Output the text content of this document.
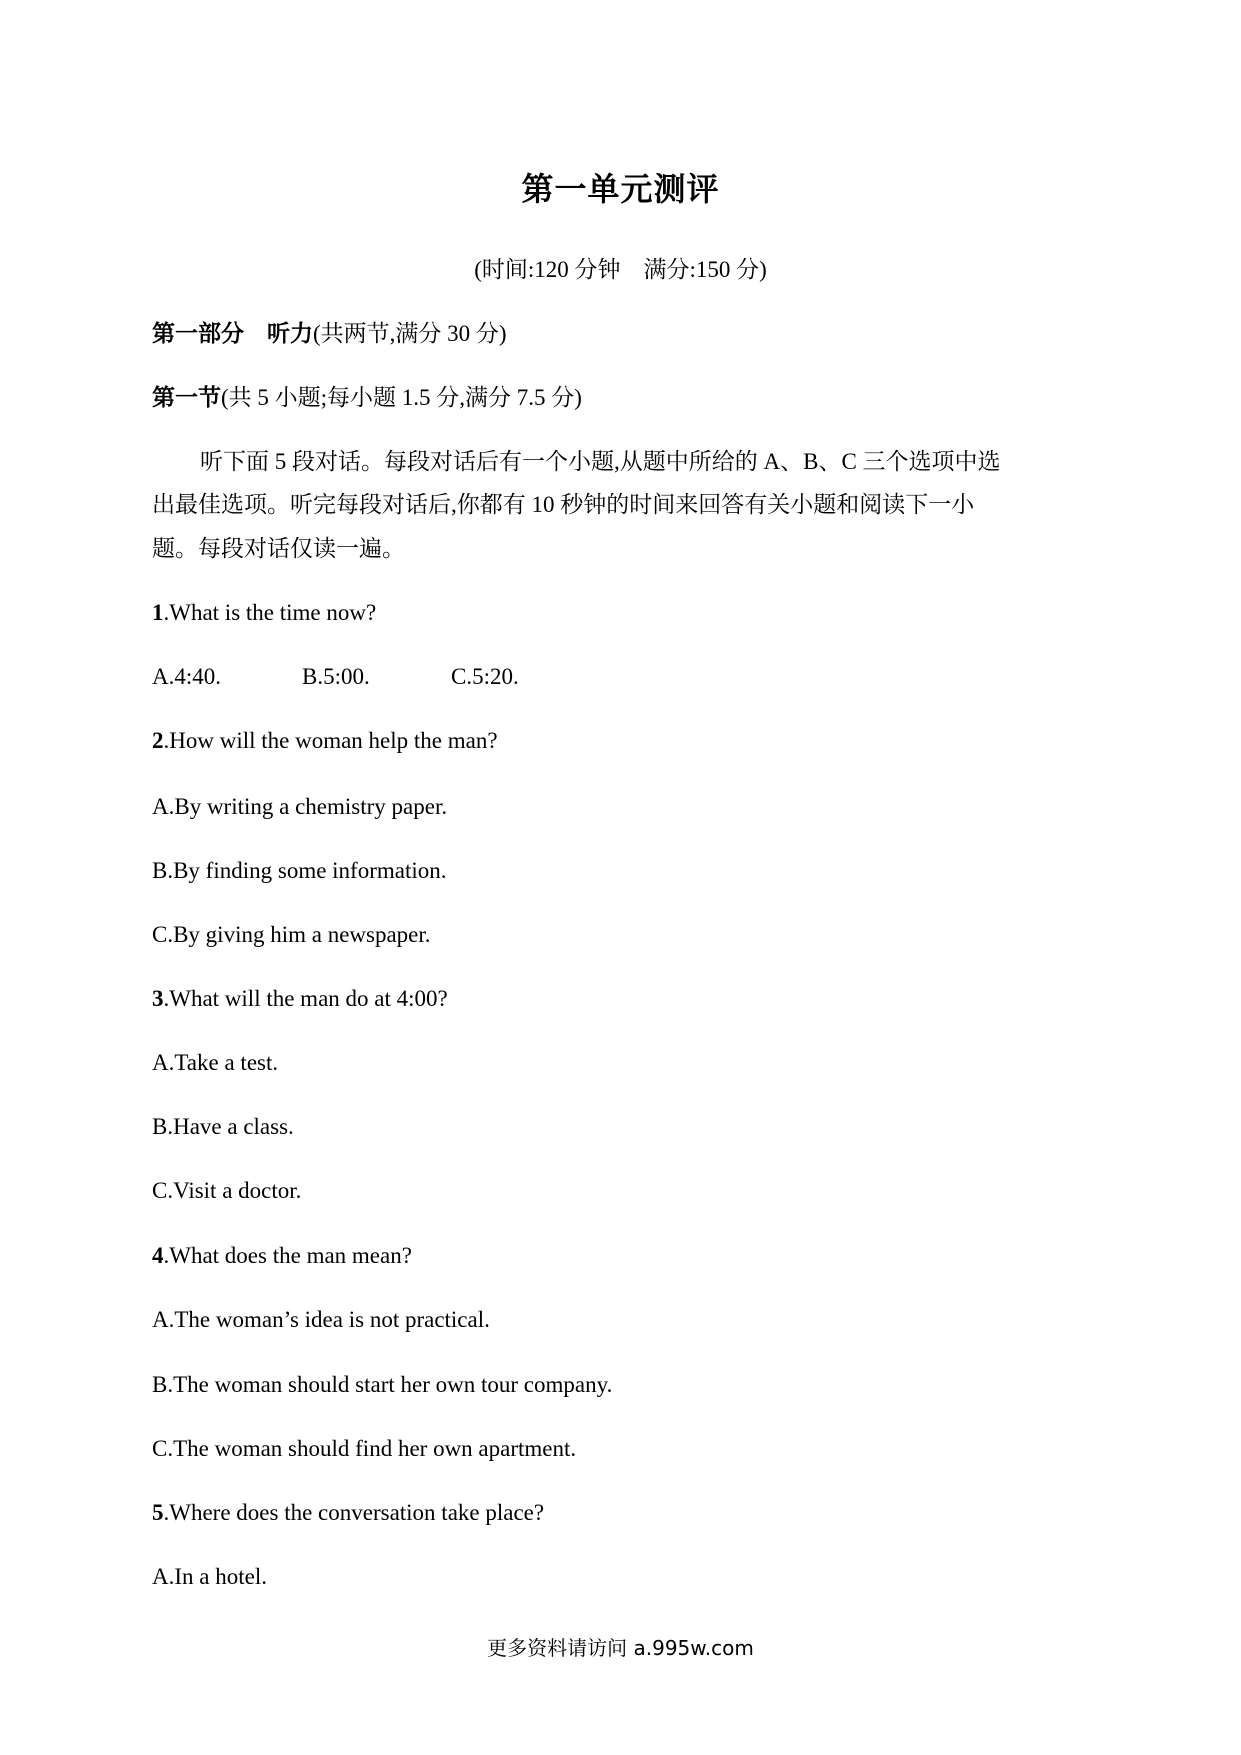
第一单元测评
(时间:120 分钟　满分:150 分)
第一部分　听力(共两节,满分 30 分)
第一节(共 5 小题;每小题 1.5 分,满分 7.5 分)
听下面 5 段对话。每段对话后有一个小题,从题中所给的 A、B、C 三个选项中选
出最佳选项。听完每段对话后,你都有 10 秒钟的时间来回答有关小题和阅读下一小
题。每段对话仅读一遍。
1.What is the time now?
A.4:40.	B.5:00.	C.5:20.
2.How will the woman help the man?
A.By writing a chemistry paper.
B.By finding some information.
C.By giving him a newspaper.
3.What will the man do at 4:00?
A.Take a test.
B.Have a class.
C.Visit a doctor.
4.What does the man mean?
A.The woman’s idea is not practical.
B.The woman should start her own tour company.
C.The woman should find her own apartment.
5.Where does the conversation take place?
A.In a hotel.
更多资料请访问 a.995w.com
